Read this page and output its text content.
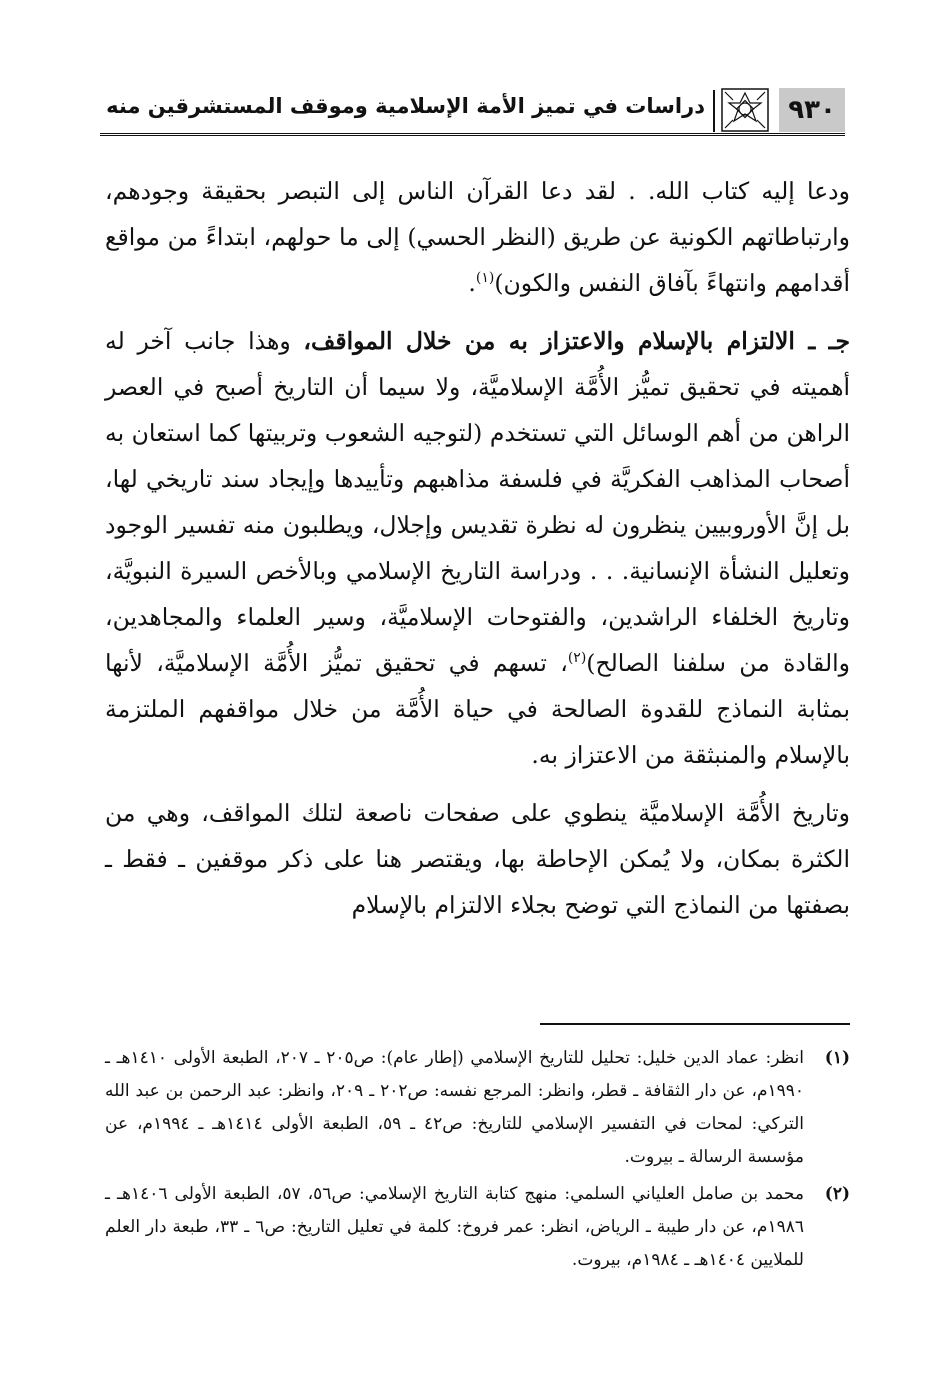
٩٣٠
دراسات في تميز الأمة الإسلامية وموقف المستشرقين منه

ودعا إليه كتاب الله. . لقد دعا القرآن الناس إلى التبصر بحقيقة وجودهم، وارتباطاتهم الكونية عن طريق (النظر الحسي) إلى ما حولهم، ابتداءً من مواقع أقدامهم وانتهاءً بآفاق النفس والكون)$^{(١)}$.

جـ ـ الالتزام بالإسلام والاعتزاز به من خلال المواقف، وهذا جانب آخر له أهميته في تحقيق تميُّز الأُمَّة الإسلاميَّة، ولا سيما أن التاريخ أصبح في العصر الراهن من أهم الوسائل التي تستخدم (لتوجيه الشعوب وتربيتها كما استعان به أصحاب المذاهب الفكريَّة في فلسفة مذاهبهم وتأييدها وإيجاد سند تاريخي لها، بل إنَّ الأوروبيين ينظرون له نظرة تقديس وإجلال، ويطلبون منه تفسير الوجود وتعليل النشأة الإنسانية. . . ودراسة التاريخ الإسلامي وبالأخص السيرة النبويَّة، وتاريخ الخلفاء الراشدين، والفتوحات الإسلاميَّة، وسير العلماء والمجاهدين، والقادة من سلفنا الصالح)$^{(٢)}$، تسهم في تحقيق تميُّز الأُمَّة الإسلاميَّة، لأنها بمثابة النماذج للقدوة الصالحة في حياة الأُمَّة من خلال مواقفهم الملتزمة بالإسلام والمنبثقة من الاعتزاز به.

وتاريخ الأُمَّة الإسلاميَّة ينطوي على صفحات ناصعة لتلك المواقف، وهي من الكثرة بمكان، ولا يُمكن الإحاطة بها، ويقتصر هنا على ذكر موقفين ـ فقط ـ بصفتها من النماذج التي توضح بجلاء الالتزام بالإسلام

(١)
انظر: عماد الدين خليل: تحليل للتاريخ الإسلامي (إطار عام): ص٢٠٥ ـ ٢٠٧، الطبعة الأولى ١٤١٠هـ ـ ١٩٩٠م، عن دار الثقافة ـ قطر، وانظر: المرجع نفسه: ص٢٠٢ ـ ٢٠٩، وانظر: عبد الرحمن بن عبد الله التركي: لمحات في التفسير الإسلامي للتاريخ: ص٤٢ ـ ٥٩، الطبعة الأولى ١٤١٤هـ ـ ١٩٩٤م، عن مؤسسة الرسالة ـ بيروت.
(٢)
محمد بن صامل العلياني السلمي: منهج كتابة التاريخ الإسلامي: ص٥٦، ٥٧، الطبعة الأولى ١٤٠٦هـ ـ ١٩٨٦م، عن دار طيبة ـ الرياض، انظر: عمر فروخ: كلمة في تعليل التاريخ: ص٦ ـ ٣٣، طبعة دار العلم للملايين ١٤٠٤هـ ـ ١٩٨٤م، بيروت.
